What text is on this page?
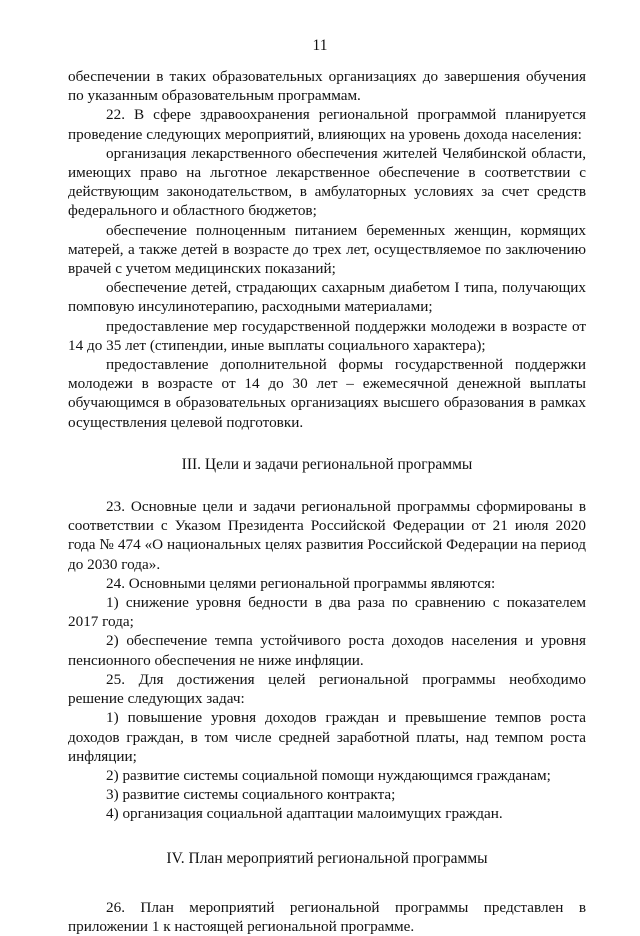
11

обеспечении в таких образовательных организациях до завершения обучения по указанным образовательным программам.

22. В сфере здравоохранения региональной программой планируется проведение следующих мероприятий, влияющих на уровень дохода населения:

организация лекарственного обеспечения жителей Челябинской области, имеющих право на льготное лекарственное обеспечение в соответствии с действующим законодательством, в амбулаторных условиях за счет средств федерального и областного бюджетов;

обеспечение полноценным питанием беременных женщин, кормящих матерей, а также детей в возрасте до трех лет, осуществляемое по заключению врачей с учетом медицинских показаний;

обеспечение детей, страдающих сахарным диабетом I типа, получающих помповую инсулинотерапию, расходными материалами;

предоставление мер государственной поддержки молодежи в возрасте от 14 до 35 лет (стипендии, иные выплаты социального характера);

предоставление дополнительной формы государственной поддержки молодежи в возрасте от 14 до 30 лет – ежемесячной денежной выплаты обучающимся в образовательных организациях высшего образования в рамках осуществления целевой подготовки.

III. Цели и задачи региональной программы

23. Основные цели и задачи региональной программы сформированы в соответствии с Указом Президента Российской Федерации от 21 июля 2020 года № 474 «О национальных целях развития Российской Федерации на период до 2030 года».

24. Основными целями региональной программы являются:

1) снижение уровня бедности в два раза по сравнению с показателем 2017 года;

2) обеспечение темпа устойчивого роста доходов населения и уровня пенсионного обеспечения не ниже инфляции.

25. Для достижения целей региональной программы необходимо решение следующих задач:

1) повышение уровня доходов граждан и превышение темпов роста доходов граждан, в том числе средней заработной платы, над темпом роста инфляции;

2) развитие системы социальной помощи нуждающимся гражданам;

3) развитие системы социального контракта;

4) организация социальной адаптации малоимущих граждан.

IV. План мероприятий региональной программы

26. План мероприятий региональной программы представлен в приложении 1 к настоящей региональной программе.
